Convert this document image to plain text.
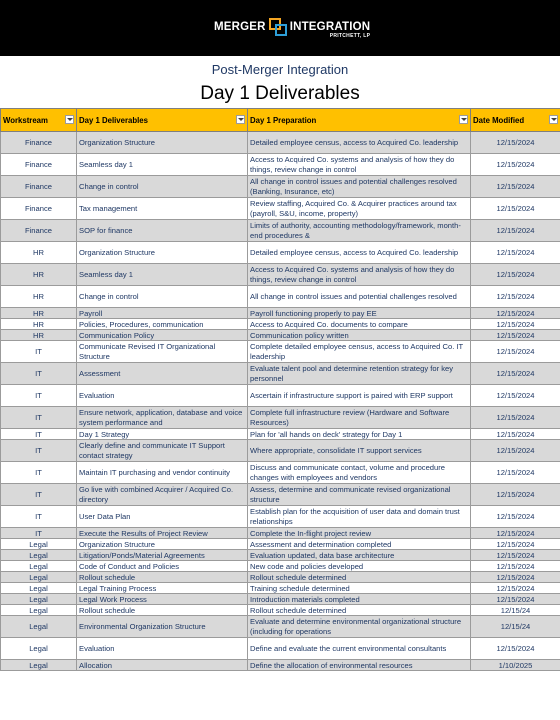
MERGER INTEGRATION
PRITCHETT, LP
Post-Merger Integration
Day 1 Deliverables
Workstream	Day 1 Deliverables	Day 1 Preparation	Date Modified

Finance	Organization Structure	Detailed employee census, access to Acquired Co. leadership	12/15/2024
Finance	Seamless day 1	Access to Acquired Co. systems and analysis of how they do things, review change in control	12/15/2024
Finance	Change in control	All change in control issues and potential challenges resolved (Banking, Insurance, etc)	12/15/2024
Finance	Tax management	Review staffing, Acquired Co. & Acquirer practices around tax (payroll, S&U, income, property)	12/15/2024
Finance	SOP for finance	Limits of authority, accounting methodology/framework, month-end procedures &	12/15/2024
HR	Organization Structure	Detailed employee census, access to Acquired Co. leadership	12/15/2024
HR	Seamless day 1	Access to Acquired Co. systems and analysis of how they do things, review change in control	12/15/2024
HR	Change in control	All change in control issues and potential challenges resolved	12/15/2024
HR	Payroll	Payroll functioning properly to pay EE	12/15/2024
HR	Policies, Procedures, communication	Access to Acquired Co. documents to compare	12/15/2024
HR	Communication Policy	Communication policy written	12/15/2024
IT	Communicate Revised IT Organizational Structure	Complete detailed employee census, access to Acquired Co. IT leadership	12/15/2024
IT	Assessment	Evaluate talent pool and determine retention strategy for key personnel	12/15/2024
IT	Evaluation	Ascertain if infrastructure support is paired with ERP support	12/15/2024
IT	Ensure network, application, database and voice system performance and	Complete full infrastructure review (Hardware and Software Resources)	12/15/2024
IT	Day 1 Strategy	Plan for 'all hands on deck' strategy for Day 1	12/15/2024
IT	Clearly define and communicate IT Support contact strategy	Where appropriate, consolidate IT support services	12/15/2024
IT	Maintain IT purchasing and vendor continuity	Discuss and communicate contact, volume and procedure changes with employees and vendors	12/15/2024
IT	Go live with combined Acquirer / Acquired Co. directory	Assess, determine and communicate revised organizational structure	12/15/2024
IT	User Data Plan	Establish plan for the acquisition of user data and domain trust relationships	12/15/2024
IT	Execute the Results of Project Review	Complete the In-flight project review	12/15/2024
Legal	Organization Structure	Assessment and determination completed	12/15/2024
Legal	Litigation/Ponds/Material Agreements	Evaluation updated, data base architecture	12/15/2024
Legal	Code of Conduct and Policies	New code and policies developed	12/15/2024
Legal	Rollout schedule	Rollout schedule determined	12/15/2024
Legal	Legal Training Process	Training schedule determined	12/15/2024
Legal	Legal Work Process	Introduction materials completed	12/15/2024
Legal	Rollout schedule	Rollout schedule determined	12/15/24
Legal	Environmental Organization Structure	Evaluate and determine environmental organizational structure (including for operations	12/15/24
Legal	Evaluation	Define and evaluate the current environmental consultants	12/15/2024
Legal	Allocation	Define the allocation of environmental resources	1/10/2025
